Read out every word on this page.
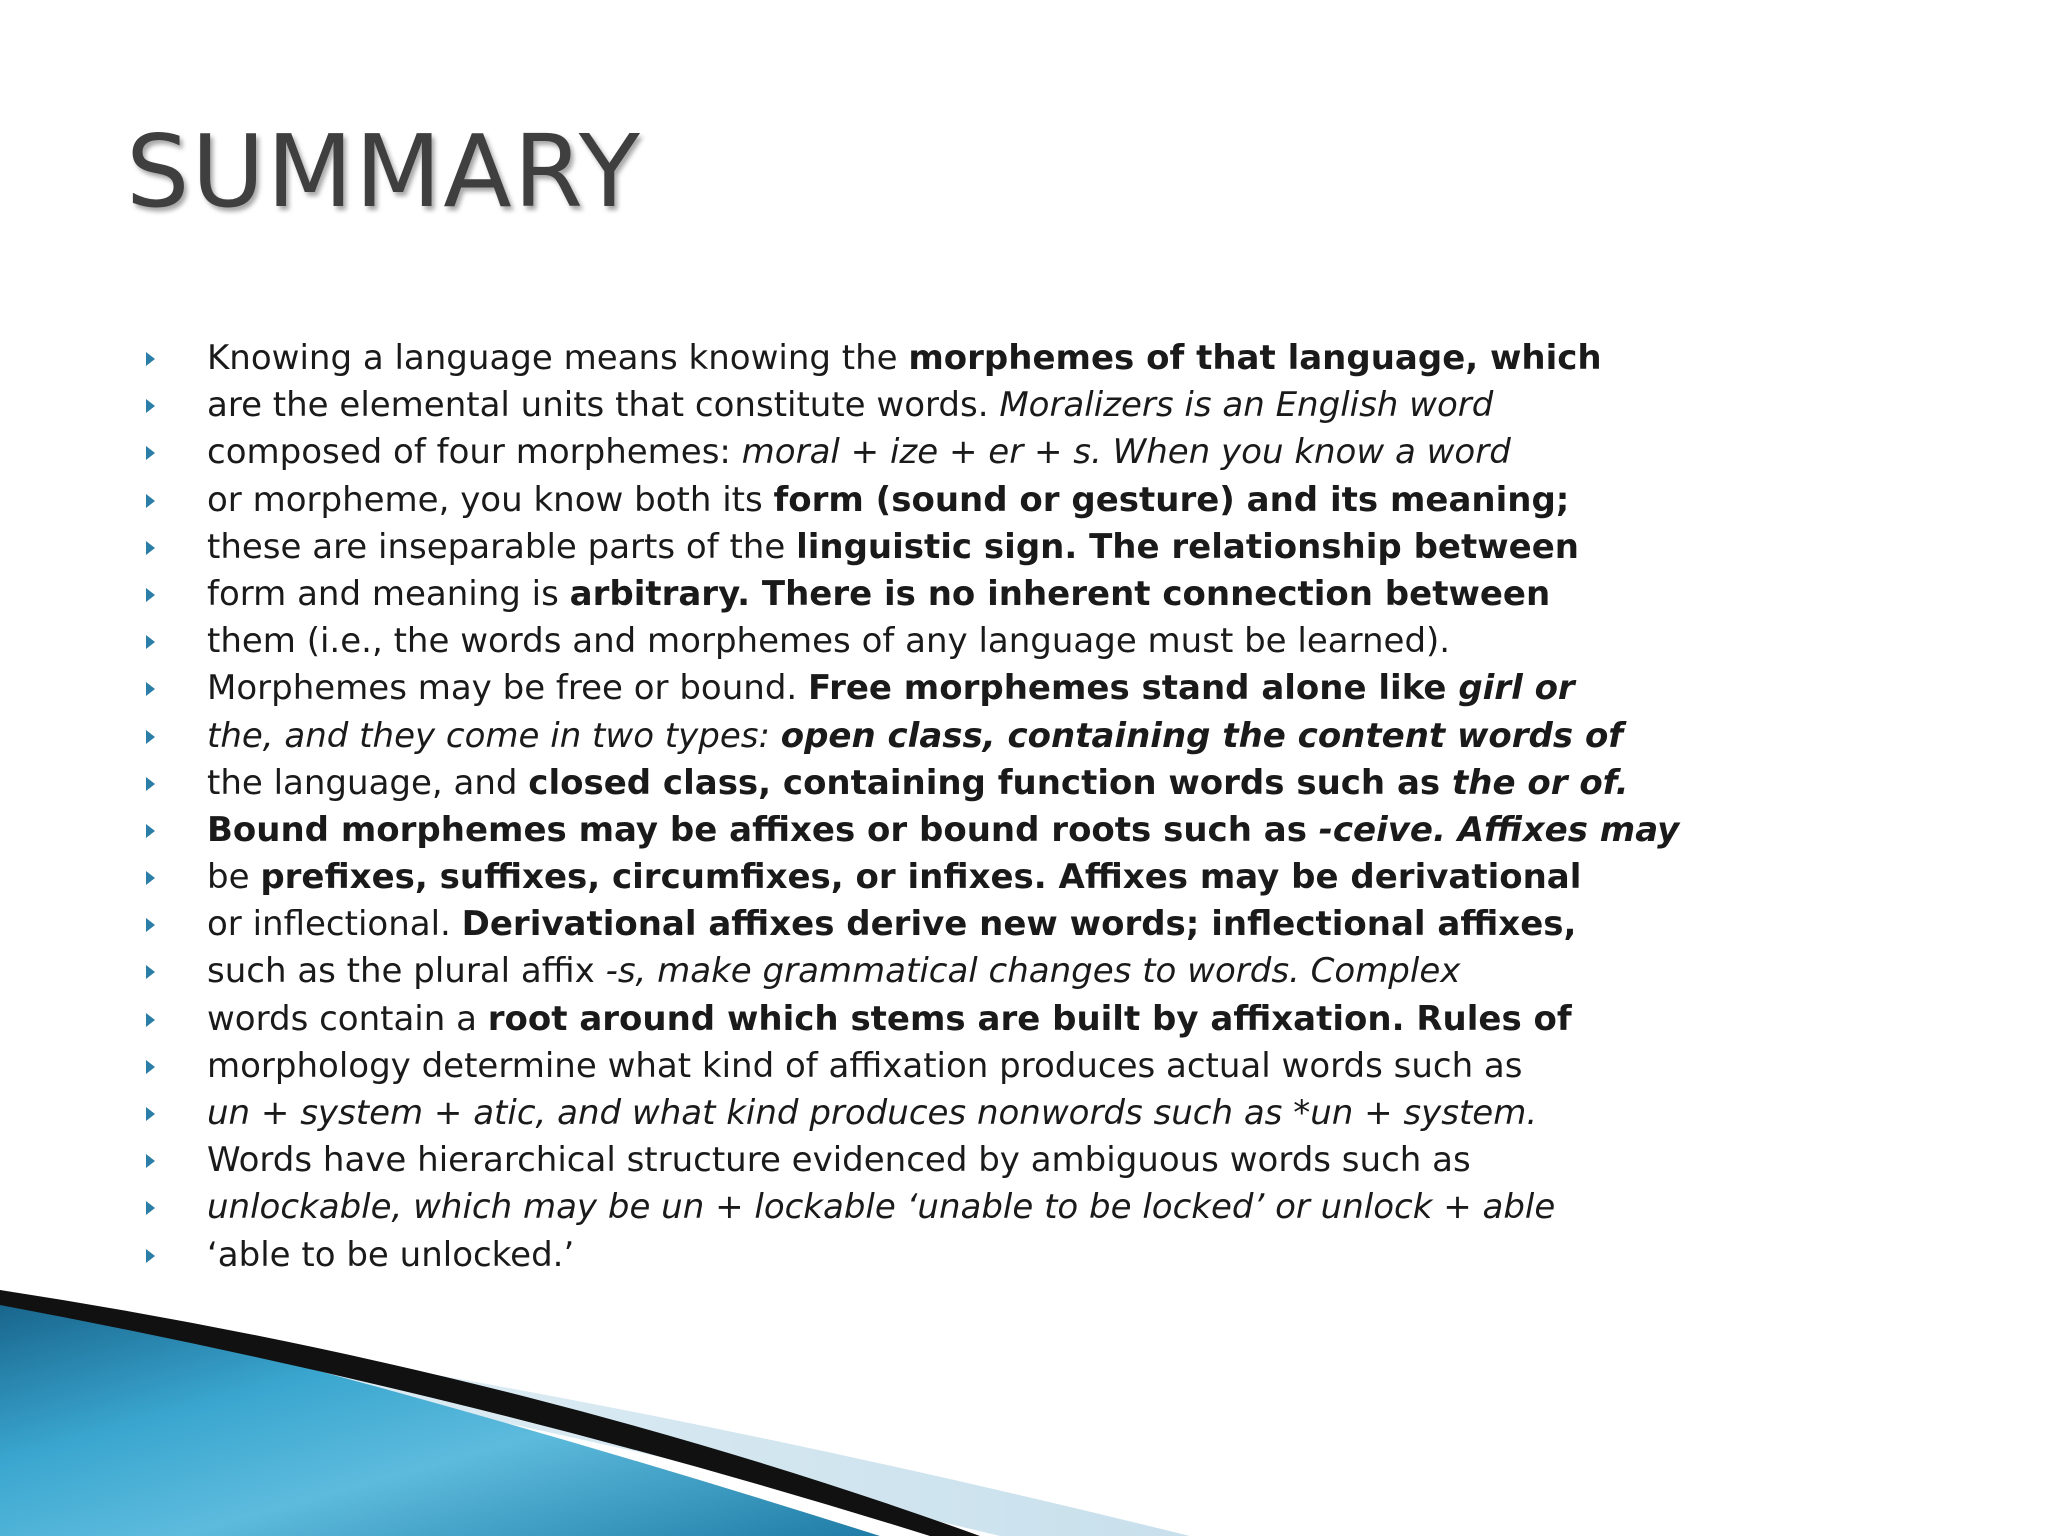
SUMMARY
Knowing a language means knowing the morphemes of that language, which
are the elemental units that constitute words. Moralizers is an English word
composed of four morphemes: moral + ize + er + s. When you know a word
or morpheme, you know both its form (sound or gesture) and its meaning;
these are inseparable parts of the linguistic sign. The relationship between
form and meaning is arbitrary. There is no inherent connection between
them (i.e., the words and morphemes of any language must be learned).
Morphemes may be free or bound. Free morphemes stand alone like girl or
the, and they come in two types: open class, containing the content words of
the language, and closed class, containing function words such as the or of.
Bound morphemes may be affixes or bound roots such as -ceive. Affixes may
be prefixes, suffixes, circumfixes, or infixes. Affixes may be derivational
or inflectional. Derivational affixes derive new words; inflectional affixes,
such as the plural affix -s, make grammatical changes to words. Complex
words contain a root around which stems are built by affixation. Rules of
morphology determine what kind of affixation produces actual words such as
un + system + atic, and what kind produces nonwords such as *un + system.
Words have hierarchical structure evidenced by ambiguous words such as
unlockable, which may be un + lockable ‘unable to be locked’ or unlock + able
‘able to be unlocked.’
